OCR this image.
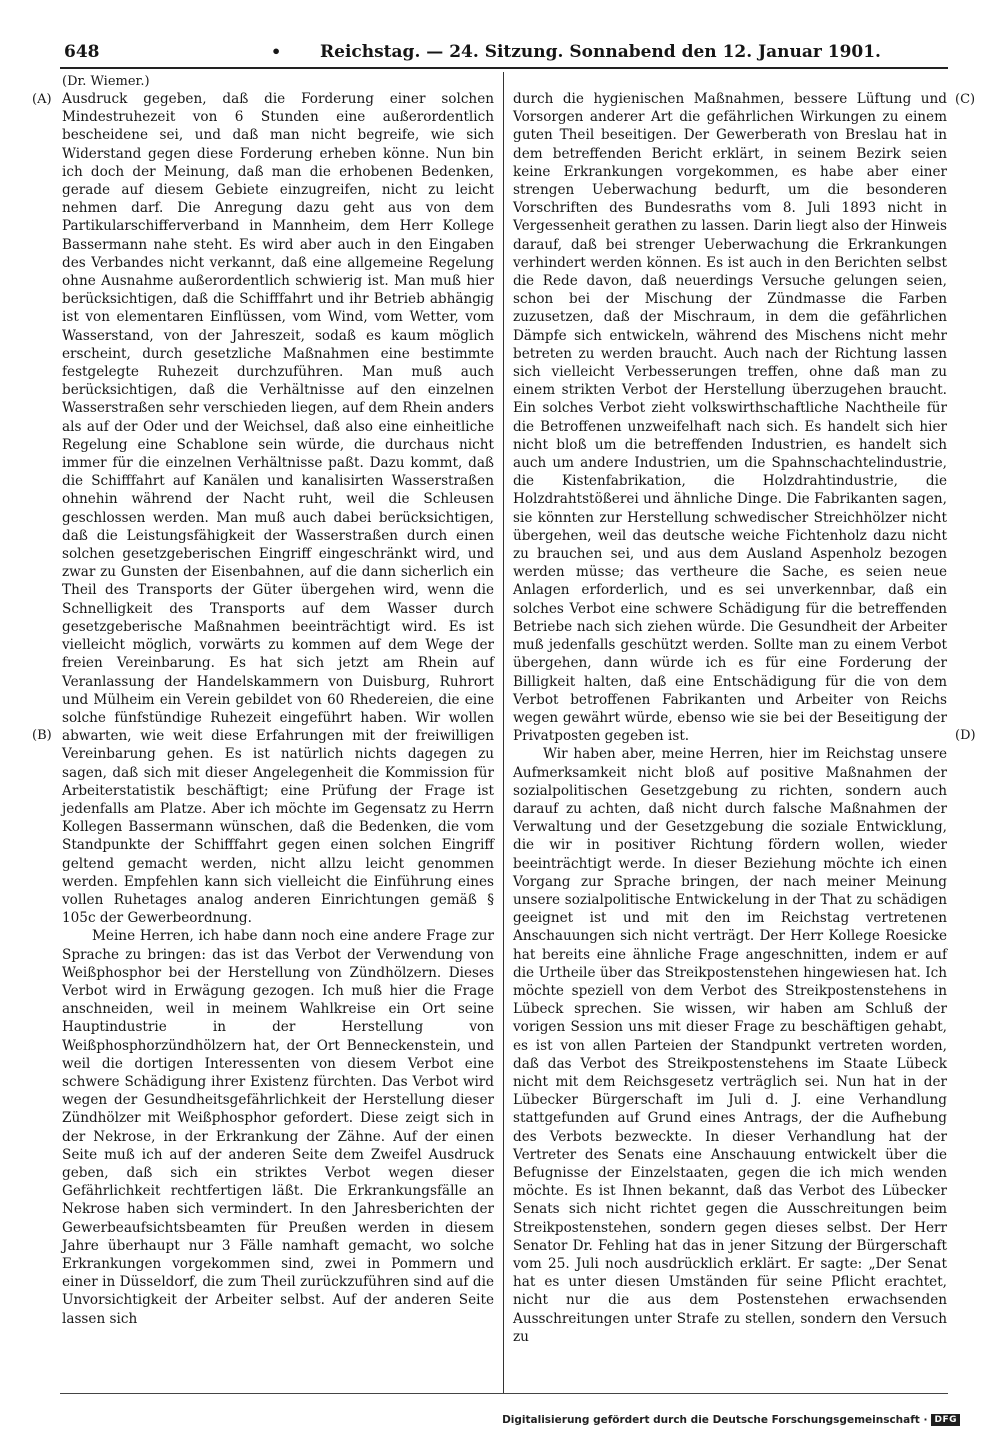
648	• Reichstag. — 24. Sitzung. Sonnabend den 12. Januar 1901.
(Dr. Wiemer.)
(A)
(B)
(C)
(D)

Ausdruck gegeben, daß die Forderung einer solchen Mindestruhezeit von 6 Stunden eine außerordentlich bescheidene sei, und daß man nicht begreife, wie sich Widerstand gegen diese Forderung erheben könne. Nun bin ich doch der Meinung, daß man die erhobenen Bedenken, gerade auf diesem Gebiete einzugreifen, nicht zu leicht nehmen darf. Die Anregung dazu geht aus von dem Partikularschifferverband in Mannheim, dem Herr Kollege Bassermann nahe steht. Es wird aber auch in den Eingaben des Verbandes nicht verkannt, daß eine allgemeine Regelung ohne Ausnahme außerordentlich schwierig ist. Man muß hier berücksichtigen, daß die Schifffahrt und ihr Betrieb abhängig ist von elementaren Einflüssen, vom Wind, vom Wetter, vom Wasserstand, von der Jahreszeit, sodaß es kaum möglich erscheint, durch gesetzliche Maßnahmen eine bestimmte festgelegte Ruhezeit durchzuführen. Man muß auch berücksichtigen, daß die Verhältnisse auf den einzelnen Wasserstraßen sehr verschieden liegen, auf dem Rhein anders als auf der Oder und der Weichsel, daß also eine einheitliche Regelung eine Schablone sein würde, die durchaus nicht immer für die einzelnen Verhältnisse paßt. Dazu kommt, daß die Schifffahrt auf Kanälen und kanalisirten Wasserstraßen ohnehin während der Nacht ruht, weil die Schleusen geschlossen werden. Man muß auch dabei berücksichtigen, daß die Leistungsfähigkeit der Wasserstraßen durch einen solchen gesetzgeberischen Eingriff eingeschränkt wird, und zwar zu Gunsten der Eisenbahnen, auf die dann sicherlich ein Theil des Transports der Güter übergehen wird, wenn die Schnelligkeit des Transports auf dem Wasser durch gesetzgeberische Maßnahmen beeinträchtigt wird. Es ist vielleicht möglich, vorwärts zu kommen auf dem Wege der freien Vereinbarung. Es hat sich jetzt am Rhein auf Veranlassung der Handelskammern von Duisburg, Ruhrort und Mülheim ein Verein gebildet von 60 Rhedereien, die eine solche fünfstündige Ruhezeit eingeführt haben. Wir wollen abwarten, wie weit diese Erfahrungen mit der freiwilligen Vereinbarung gehen. Es ist natürlich nichts dagegen zu sagen, daß sich mit dieser Angelegenheit die Kommission für Arbeiterstatistik beschäftigt; eine Prüfung der Frage ist jedenfalls am Platze. Aber ich möchte im Gegensatz zu Herrn Kollegen Bassermann wünschen, daß die Bedenken, die vom Standpunkte der Schifffahrt gegen einen solchen Eingriff geltend gemacht werden, nicht allzu leicht genommen werden. Empfehlen kann sich vielleicht die Einführung eines vollen Ruhetages analog anderen Einrichtungen gemäß § 105c der Gewerbeordnung.

Meine Herren, ich habe dann noch eine andere Frage zur Sprache zu bringen: das ist das Verbot der Verwendung von Weißphosphor bei der Herstellung von Zündhölzern. Dieses Verbot wird in Erwägung gezogen. Ich muß hier die Frage anschneiden, weil in meinem Wahlkreise ein Ort seine Hauptindustrie in der Herstellung von Weißphosphorzündhölzern hat, der Ort Benneckenstein, und weil die dortigen Interessenten von diesem Verbot eine schwere Schädigung ihrer Existenz fürchten. Das Verbot wird wegen der Gesundheitsgefährlichkeit der Herstellung dieser Zündhölzer mit Weißphosphor gefordert. Diese zeigt sich in der Nekrose, in der Erkrankung der Zähne. Auf der einen Seite muß ich auf der anderen Seite dem Zweifel Ausdruck geben, daß sich ein striktes Verbot wegen dieser Gefährlichkeit rechtfertigen läßt. Die Erkrankungsfälle an Nekrose haben sich vermindert. In den Jahresberichten der Gewerbeaufsichtsbeamten für Preußen werden in diesem Jahre überhaupt nur 3 Fälle namhaft gemacht, wo solche Erkrankungen vorgekommen sind, zwei in Pommern und einer in Düsseldorf, die zum Theil zurückzuführen sind auf die Unvorsichtigkeit der Arbeiter selbst. Auf der anderen Seite lassen sich

durch die hygienischen Maßnahmen, bessere Lüftung und Vorsorgen anderer Art die gefährlichen Wirkungen zu einem guten Theil beseitigen. Der Gewerberath von Breslau hat in dem betreffenden Bericht erklärt, in seinem Bezirk seien keine Erkrankungen vorgekommen, es habe aber einer strengen Ueberwachung bedurft, um die besonderen Vorschriften des Bundesraths vom 8. Juli 1893 nicht in Vergessenheit gerathen zu lassen. Darin liegt also der Hinweis darauf, daß bei strenger Ueberwachung die Erkrankungen verhindert werden können. Es ist auch in den Berichten selbst die Rede davon, daß neuerdings Versuche gelungen seien, schon bei der Mischung der Zündmasse die Farben zuzusetzen, daß der Mischraum, in dem die gefährlichen Dämpfe sich entwickeln, während des Mischens nicht mehr betreten zu werden braucht. Auch nach der Richtung lassen sich vielleicht Verbesserungen treffen, ohne daß man zu einem strikten Verbot der Herstellung überzugehen braucht. Ein solches Verbot zieht volkswirthschaftliche Nachtheile für die Betroffenen unzweifelhaft nach sich. Es handelt sich hier nicht bloß um die betreffenden Industrien, es handelt sich auch um andere Industrien, um die Spahnschachtelindustrie, die Kistenfabrikation, die Holzdrahtindustrie, die Holzdrahtstößerei und ähnliche Dinge. Die Fabrikanten sagen, sie könnten zur Herstellung schwedischer Streichhölzer nicht übergehen, weil das deutsche weiche Fichtenholz dazu nicht zu brauchen sei, und aus dem Ausland Aspenholz bezogen werden müsse; das vertheure die Sache, es seien neue Anlagen erforderlich, und es sei unverkennbar, daß ein solches Verbot eine schwere Schädigung für die betreffenden Betriebe nach sich ziehen würde. Die Gesundheit der Arbeiter muß jedenfalls geschützt werden. Sollte man zu einem Verbot übergehen, dann würde ich es für eine Forderung der Billigkeit halten, daß eine Entschädigung für die von dem Verbot betroffenen Fabrikanten und Arbeiter von Reichs wegen gewährt würde, ebenso wie sie bei der Beseitigung der Privatposten gegeben ist.

Wir haben aber, meine Herren, hier im Reichstag unsere Aufmerksamkeit nicht bloß auf positive Maßnahmen der sozialpolitischen Gesetzgebung zu richten, sondern auch darauf zu achten, daß nicht durch falsche Maßnahmen der Verwaltung und der Gesetzgebung die soziale Entwicklung, die wir in positiver Richtung fördern wollen, wieder beeinträchtigt werde. In dieser Beziehung möchte ich einen Vorgang zur Sprache bringen, der nach meiner Meinung unsere sozialpolitische Entwickelung in der That zu schädigen geeignet ist und mit den im Reichstag vertretenen Anschauungen sich nicht verträgt. Der Herr Kollege Roesicke hat bereits eine ähnliche Frage angeschnitten, indem er auf die Urtheile über das Streikpostenstehen hingewiesen hat. Ich möchte speziell von dem Verbot des Streikpostenstehens in Lübeck sprechen. Sie wissen, wir haben am Schluß der vorigen Session uns mit dieser Frage zu beschäftigen gehabt, es ist von allen Parteien der Standpunkt vertreten worden, daß das Verbot des Streikpostenstehens im Staate Lübeck nicht mit dem Reichsgesetz verträglich sei. Nun hat in der Lübecker Bürgerschaft im Juli d. J. eine Verhandlung stattgefunden auf Grund eines Antrags, der die Aufhebung des Verbots bezweckte. In dieser Verhandlung hat der Vertreter des Senats eine Anschauung entwickelt über die Befugnisse der Einzelstaaten, gegen die ich mich wenden möchte. Es ist Ihnen bekannt, daß das Verbot des Lübecker Senats sich nicht richtet gegen die Ausschreitungen beim Streikpostenstehen, sondern gegen dieses selbst. Der Herr Senator Dr. Fehling hat das in jener Sitzung der Bürgerschaft vom 25. Juli noch ausdrücklich erklärt. Er sagte: „Der Senat hat es unter diesen Umständen für seine Pflicht erachtet, nicht nur die aus dem Postenstehen erwachsenden Ausschreitungen unter Strafe zu stellen, sondern den Versuch zu

Digitalisierung gefördert durch die Deutsche Forschungsgemeinschaft · DFG
